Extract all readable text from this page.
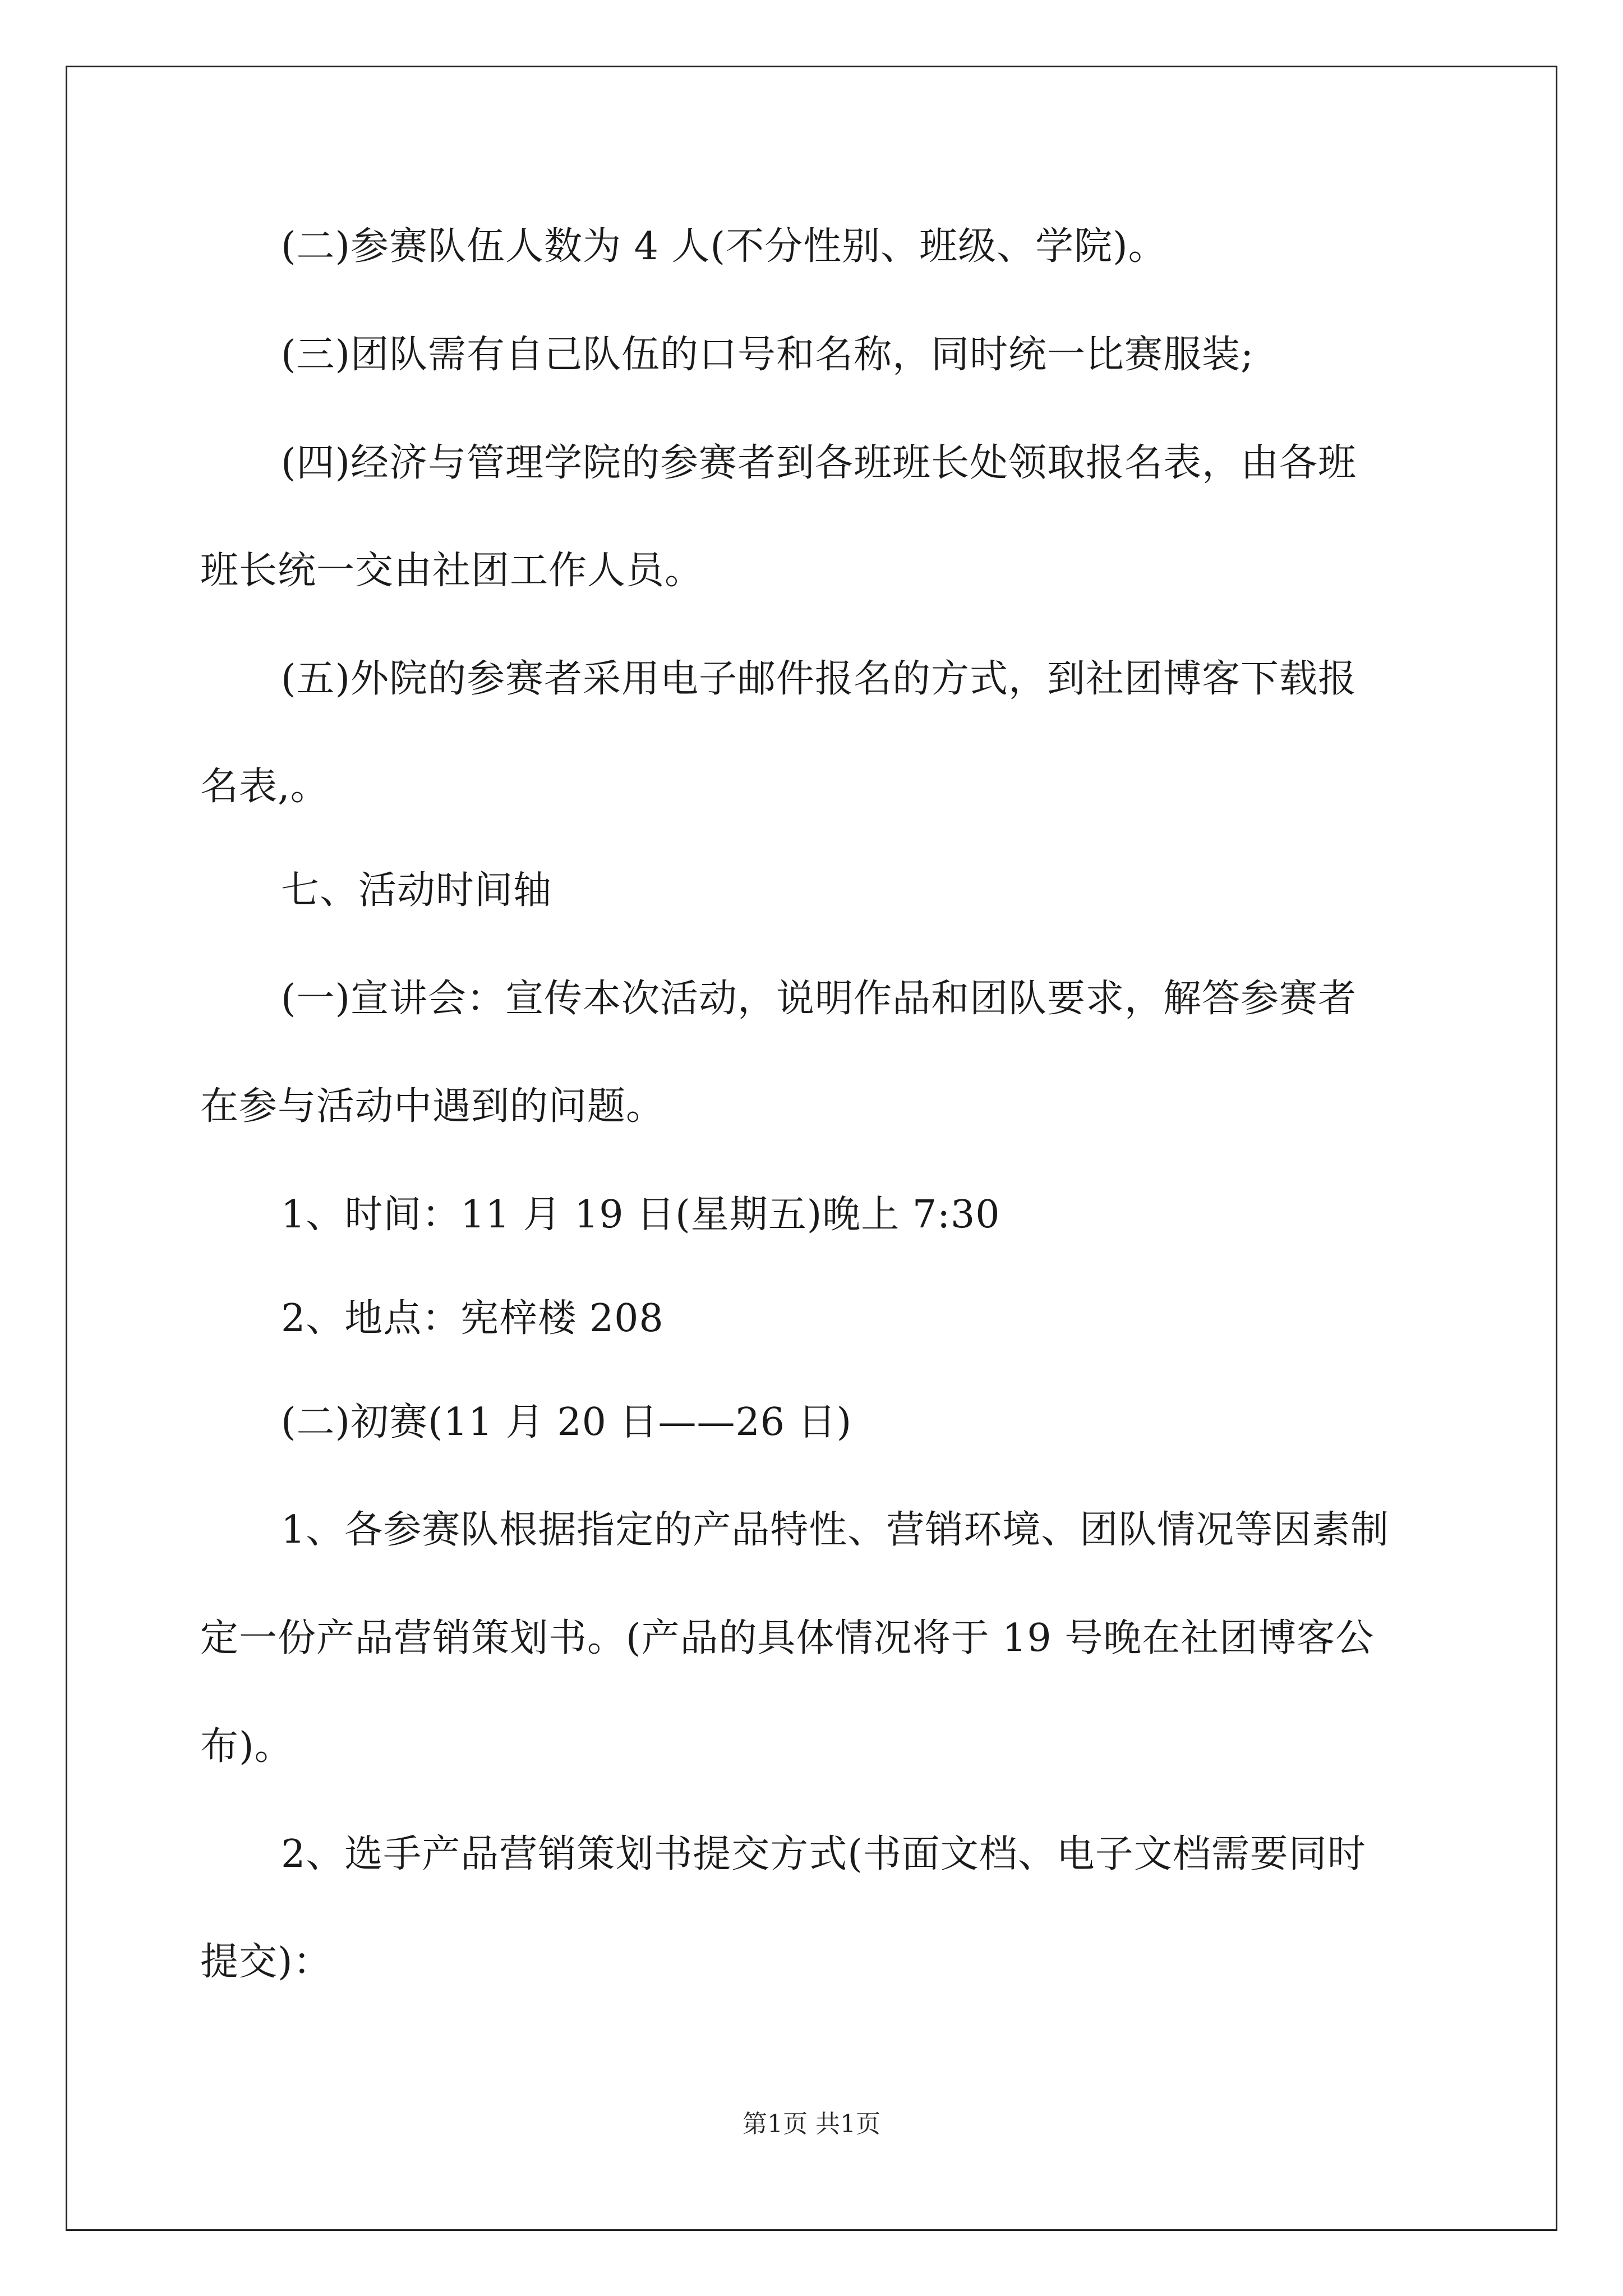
(二)参赛队伍人数为 4 人(不分性别、班级、学院)。
(三)团队需有自己队伍的口号和名称，同时统一比赛服装;
(四)经济与管理学院的参赛者到各班班长处领取报名表，由各班
班长统一交由社团工作人员。
(五)外院的参赛者采用电子邮件报名的方式，到社团博客下载报
名表,。
七、活动时间轴
(一)宣讲会：宣传本次活动，说明作品和团队要求，解答参赛者
在参与活动中遇到的问题。
1、时间：11 月 19 日(星期五)晚上 7:30
2、地点：宪梓楼 208
(二)初赛(11 月 20 日——26 日)
1、各参赛队根据指定的产品特性、营销环境、团队情况等因素制
定一份产品营销策划书。(产品的具体情况将于 19 号晚在社团博客公
布)。
2、选手产品营销策划书提交方式(书面文档、电子文档需要同时
提交)：
第1页 共1页
